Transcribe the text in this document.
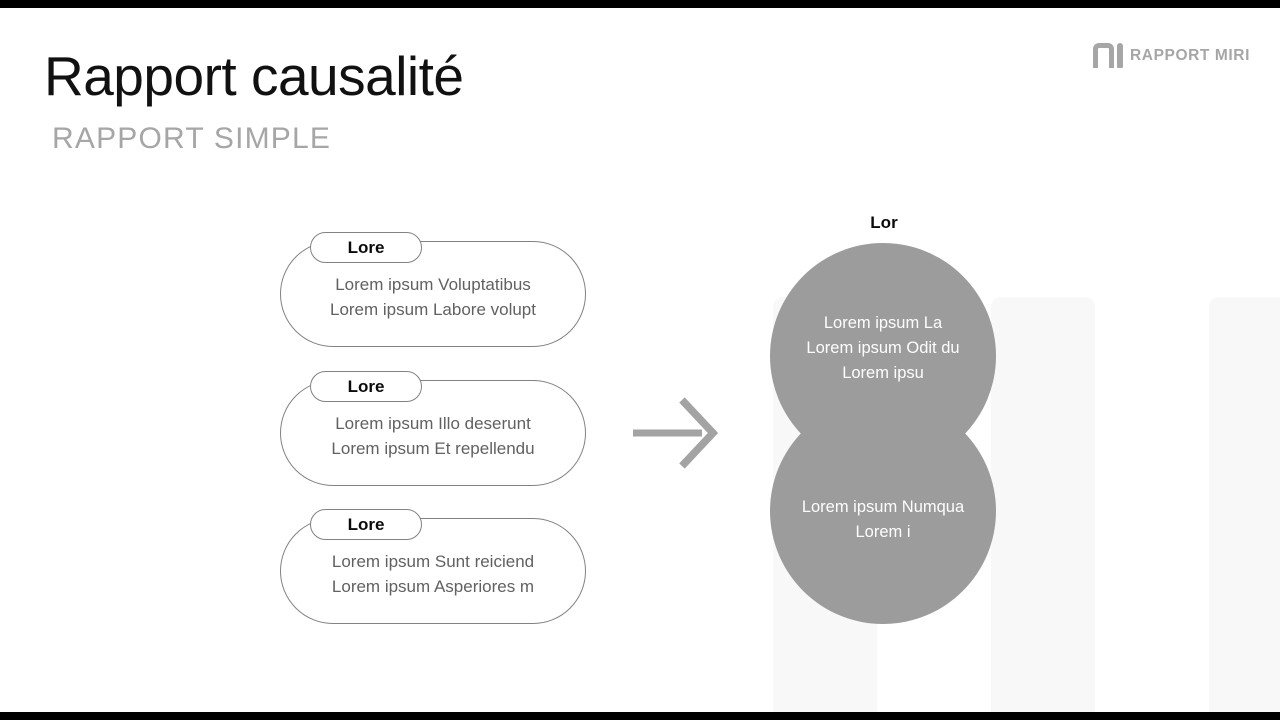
Rapport causalité
RAPPORT SIMPLE
RAPPORT MIRI
Lore
Lorem ipsum Voluptatibus
Lorem ipsum Labore volupt
Lore
Lorem ipsum Illo deserunt
Lorem ipsum Et repellendu
Lore
Lorem ipsum Sunt reiciend
Lorem ipsum Asperiores m
Lor
Lorem ipsum La
Lorem ipsum Odit du
Lorem ipsu
Lorem ipsum Numqua
Lorem i
